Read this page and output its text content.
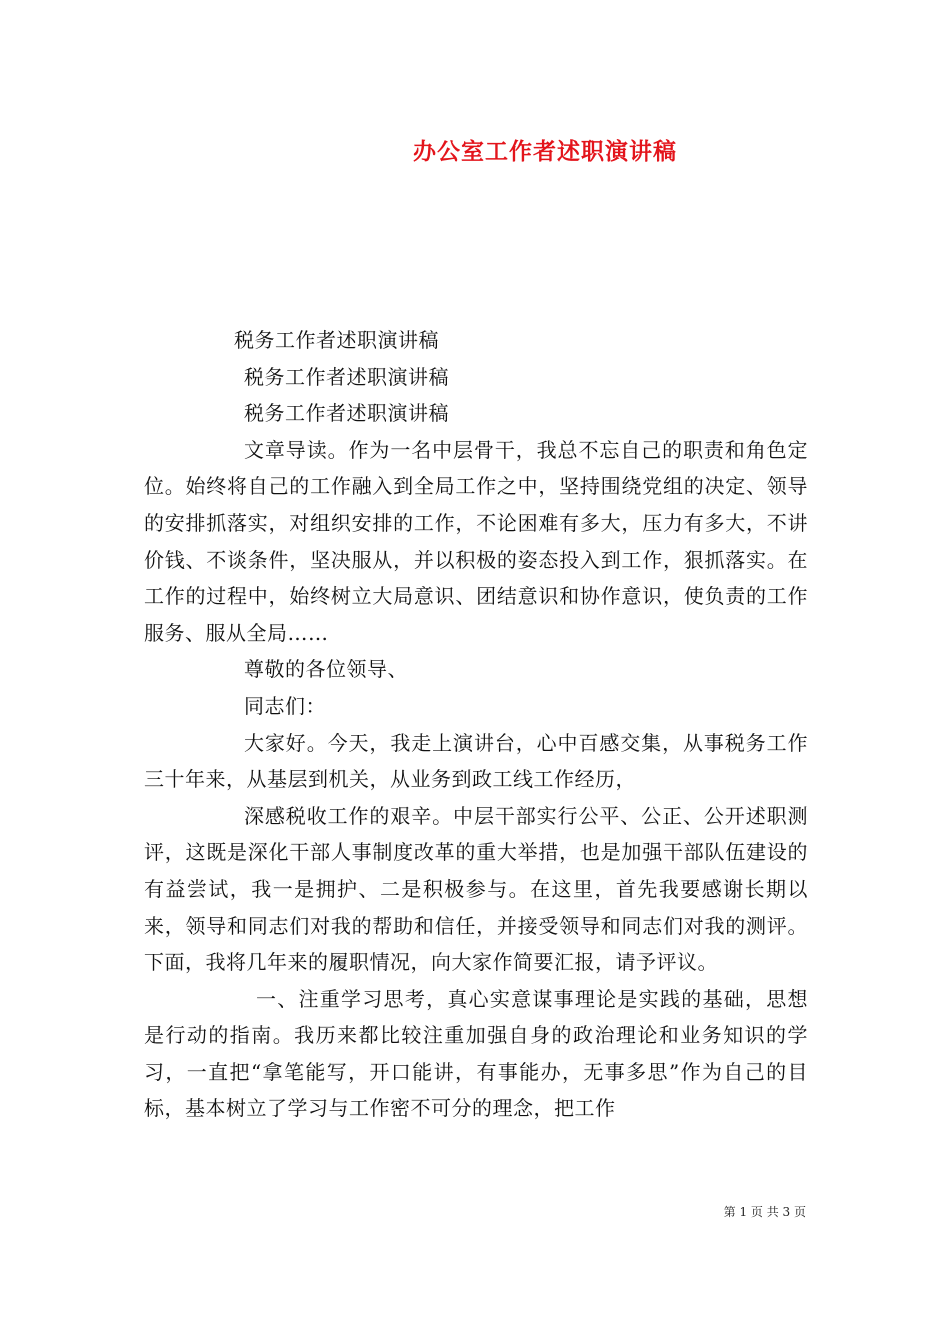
办公室工作者述职演讲稿

税务工作者述职演讲稿

税务工作者述职演讲稿

税务工作者述职演讲稿

文章导读。作为一名中层骨干，我总不忘自己的职责和角色定位。始终将自己的工作融入到全局工作之中，坚持围绕党组的决定、领导的安排抓落实，对组织安排的工作，不论困难有多大，压力有多大，不讲价钱、不谈条件，坚决服从，并以积极的姿态投入到工作，狠抓落实。在工作的过程中，始终树立大局意识、团结意识和协作意识，使负责的工作服务、服从全局……

尊敬的各位领导、

同志们：

大家好。今天，我走上演讲台，心中百感交集，从事税务工作三十年来，从基层到机关，从业务到政工线工作经历，

深感税收工作的艰辛。中层干部实行公平、公正、公开述职测评，这既是深化干部人事制度改革的重大举措，也是加强干部队伍建设的有益尝试，我一是拥护、二是积极参与。在这里，首先我要感谢长期以来，领导和同志们对我的帮助和信任，并接受领导和同志们对我的测评。下面，我将几年来的履职情况，向大家作简要汇报，请予评议。

一、注重学习思考，真心实意谋事理论是实践的基础，思想是行动的指南。我历来都比较注重加强自身的政治理论和业务知识的学习，一直把“拿笔能写，开口能讲，有事能办，无事多思”作为自己的目标，基本树立了学习与工作密不可分的理念，把工作

第 1 页 共 3 页
